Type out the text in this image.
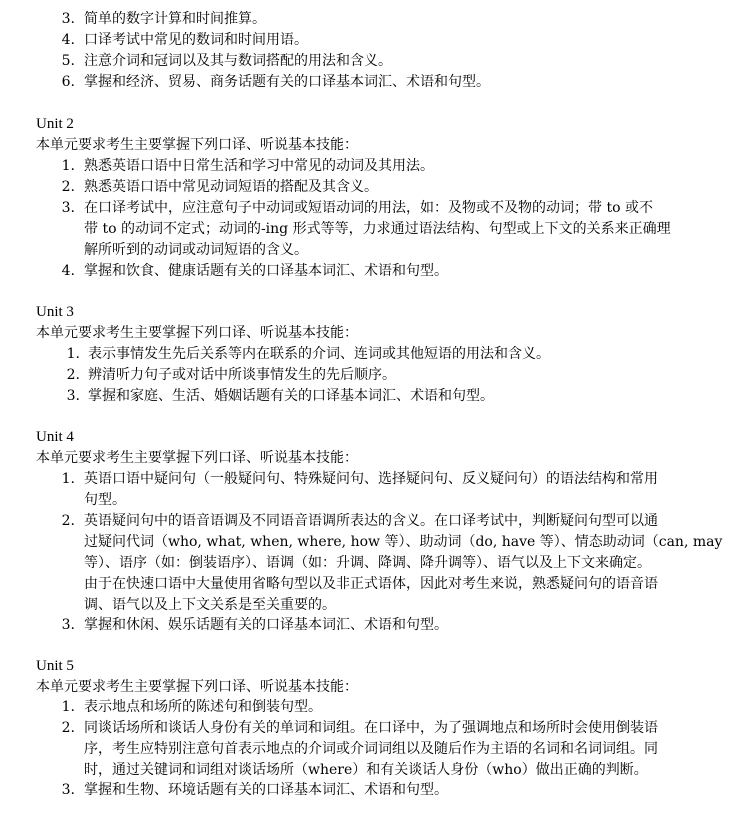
3. 简单的数字计算和时间推算。
4. 口译考试中常见的数词和时间用语。
5. 注意介词和冠词以及其与数词搭配的用法和含义。
6. 掌握和经济、贸易、商务话题有关的口译基本词汇、术语和句型。
Unit 2
本单元要求考生主要掌握下列口译、听说基本技能：
1. 熟悉英语口语中日常生活和学习中常见的动词及其用法。
2. 熟悉英语口语中常见动词短语的搭配及其含义。
3. 在口译考试中，应注意句子中动词或短语动词的用法，如：及物或不及物的动词；带 to 或不
带 to 的动词不定式；动词的-ing 形式等等，力求通过语法结构、句型或上下文的关系来正确理
解所听到的动词或动词短语的含义。
4. 掌握和饮食、健康话题有关的口译基本词汇、术语和句型。
Unit 3
本单元要求考生主要掌握下列口译、听说基本技能：
1. 表示事情发生先后关系等内在联系的介词、连词或其他短语的用法和含义。
2. 辨清听力句子或对话中所谈事情发生的先后顺序。
3. 掌握和家庭、生活、婚姻话题有关的口译基本词汇、术语和句型。
Unit 4
本单元要求考生主要掌握下列口译、听说基本技能：
1. 英语口语中疑问句（一般疑问句、特殊疑问句、选择疑问句、反义疑问句）的语法结构和常用
句型。
2. 英语疑问句中的语音语调及不同语音语调所表达的含义。在口译考试中，判断疑问句型可以通
过疑问代词（who, what, when, where, how 等）、助动词（do, have 等）、情态助动词（can, may
等）、语序（如：倒装语序）、语调（如：升调、降调、降升调等）、语气以及上下文来确定。
由于在快速口语中大量使用省略句型以及非正式语体，因此对考生来说，熟悉疑问句的语音语
调、语气以及上下文关系是至关重要的。
3. 掌握和休闲、娱乐话题有关的口译基本词汇、术语和句型。
Unit 5
本单元要求考生主要掌握下列口译、听说基本技能：
1. 表示地点和场所的陈述句和倒装句型。
2. 同谈话场所和谈话人身份有关的单词和词组。在口译中，为了强调地点和场所时会使用倒装语
序，考生应特别注意句首表示地点的介词或介词词组以及随后作为主语的名词和名词词组。同
时，通过关键词和词组对谈话场所（where）和有关谈话人身份（who）做出正确的判断。
3. 掌握和生物、环境话题有关的口译基本词汇、术语和句型。
